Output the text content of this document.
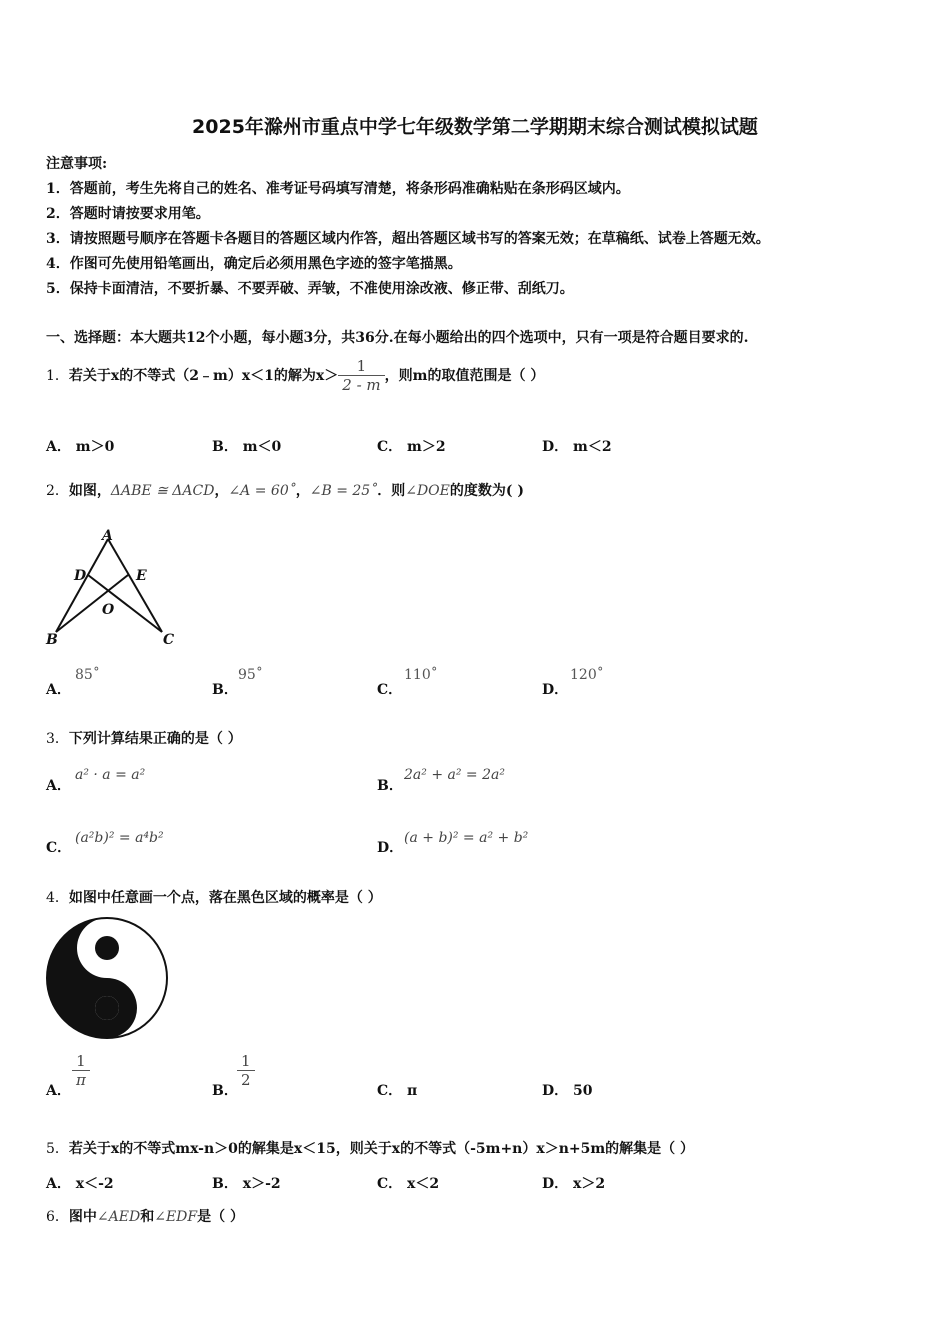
2025年滁州市重点中学七年级数学第二学期期末综合测试模拟试题
注意事项:
1．答题前，考生先将自己的姓名、准考证号码填写清楚，将条形码准确粘贴在条形码区域内。
2．答题时请按要求用笔。
3．请按照题号顺序在答题卡各题目的答题区域内作答，超出答题区域书写的答案无效；在草稿纸、试卷上答题无效。
4．作图可先使用铅笔画出，确定后必须用黑色字迹的签字笔描黑。
5．保持卡面清洁，不要折暴、不要弄破、弄皱，不准使用涂改液、修正带、刮纸刀。
一、选择题：本大题共12个小题，每小题3分，共36分.在每小题给出的四个选项中，只有一项是符合题目要求的.
1． 若关于x的不等式（2﹣m）x＜1的解为$x> \frac{1}{2 - m}$ ，则m的取值范围是（ ）
A． m＞0	B． m＜0	C． m＞2	D． m＜2
2．如图，ΔABE ≅ ΔACD，∠A = 60˚，∠B = 25˚．则∠DOE的度数为( )
A
D	E
O
B	C
A．
85˚
B．
95˚
C．
110˚
D．
120˚
3．下列计算结果正确的是（ ）
A．
a² · a = a²
B．
2a² + a² = 2a²
C．
(a²b)² = a⁴b²
D．
(a + b)² = a² + b²
4．如图中任意画一个点，落在黑色区域的概率是（ ）
A．
$\frac{1}{\pi}$
B．
$\frac{1}{2}$
C． π	D． 50
5．若关于x的不等式mx-n＞0的解集是x＜15，则关于x的不等式（-5m+n）x＞n+5m的解集是（ ）
A． x＜-2	B． x＞-2	C． x＜2	D． x＞2
6．图中∠AED和∠EDF是（ ）
